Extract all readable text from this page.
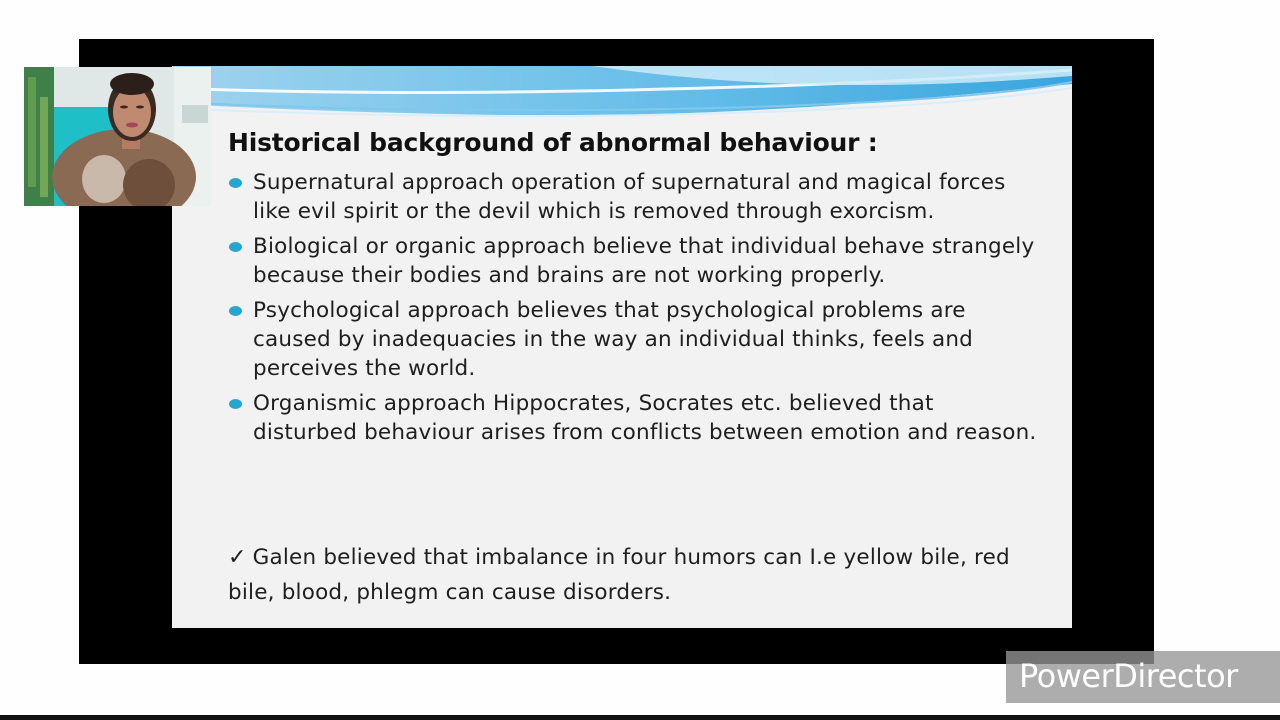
Historical background of abnormal behaviour :
Supernatural approach operation of supernatural and magical forces like evil spirit or the devil which is removed through exorcism.
Biological or organic approach believe that individual behave strangely because their bodies and brains are not working properly.
Psychological approach believes that psychological problems are caused by inadequacies in the way an individual thinks, feels and perceives the world.
Organismic approach Hippocrates, Socrates etc. believed that disturbed behaviour arises from conflicts between emotion and reason.

✓ Galen believed that imbalance in four humors can I.e yellow bile, red bile, blood, phlegm can cause disorders.

PowerDirector
